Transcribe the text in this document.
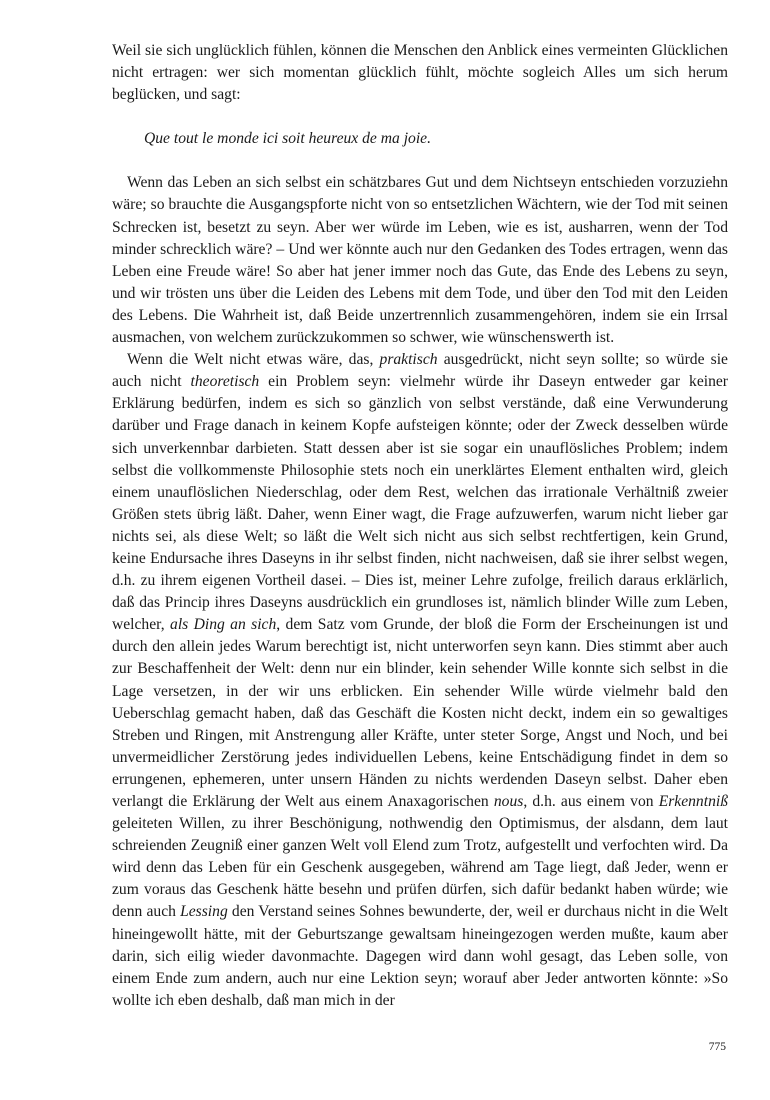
Weil sie sich unglücklich fühlen, können die Menschen den Anblick eines vermeinten Glücklichen nicht ertragen: wer sich momentan glücklich fühlt, möchte sogleich Alles um sich herum beglücken, und sagt:

Que tout le monde ici soit heureux de ma joie.

Wenn das Leben an sich selbst ein schätzbares Gut und dem Nichtseyn entschieden vorzuziehn wäre; so brauchte die Ausgangspforte nicht von so entsetzlichen Wächtern, wie der Tod mit seinen Schrecken ist, besetzt zu seyn. Aber wer würde im Leben, wie es ist, ausharren, wenn der Tod minder schrecklich wäre? – Und wer könnte auch nur den Gedanken des Todes ertragen, wenn das Leben eine Freude wäre! So aber hat jener immer noch das Gute, das Ende des Lebens zu seyn, und wir trösten uns über die Leiden des Lebens mit dem Tode, und über den Tod mit den Leiden des Lebens. Die Wahrheit ist, daß Beide unzertrennlich zusammengehören, indem sie ein Irrsal ausmachen, von welchem zurückzukommen so schwer, wie wünschenswerth ist.

Wenn die Welt nicht etwas wäre, das, praktisch ausgedrückt, nicht seyn sollte; so würde sie auch nicht theoretisch ein Problem seyn: vielmehr würde ihr Daseyn entweder gar keiner Erklärung bedürfen, indem es sich so gänzlich von selbst verstände, daß eine Verwunderung darüber und Frage danach in keinem Kopfe aufsteigen könnte; oder der Zweck desselben würde sich unverkennbar darbieten. Statt dessen aber ist sie sogar ein unauflösliches Problem; indem selbst die vollkommenste Philosophie stets noch ein unerklärtes Element enthalten wird, gleich einem unauflöslichen Niederschlag, oder dem Rest, welchen das irrationale Verhältniß zweier Größen stets übrig läßt. Daher, wenn Einer wagt, die Frage aufzuwerfen, warum nicht lieber gar nichts sei, als diese Welt; so läßt die Welt sich nicht aus sich selbst rechtfertigen, kein Grund, keine Endursache ihres Daseyns in ihr selbst finden, nicht nachweisen, daß sie ihrer selbst wegen, d.h. zu ihrem eigenen Vortheil dasei. – Dies ist, meiner Lehre zufolge, freilich daraus erklärlich, daß das Princip ihres Daseyns ausdrücklich ein grundloses ist, nämlich blinder Wille zum Leben, welcher, als Ding an sich, dem Satz vom Grunde, der bloß die Form der Erscheinungen ist und durch den allein jedes Warum berechtigt ist, nicht unterworfen seyn kann. Dies stimmt aber auch zur Beschaffenheit der Welt: denn nur ein blinder, kein sehender Wille konnte sich selbst in die Lage versetzen, in der wir uns erblicken. Ein sehender Wille würde vielmehr bald den Ueberschlag gemacht haben, daß das Geschäft die Kosten nicht deckt, indem ein so gewaltiges Streben und Ringen, mit Anstrengung aller Kräfte, unter steter Sorge, Angst und Noch, und bei unvermeidlicher Zerstörung jedes individuellen Lebens, keine Entschädigung findet in dem so errungenen, ephemeren, unter unsern Händen zu nichts werdenden Daseyn selbst. Daher eben verlangt die Erklärung der Welt aus einem Anaxagorischen nous, d.h. aus einem von Erkenntniß geleiteten Willen, zu ihrer Beschönigung, nothwendig den Optimismus, der alsdann, dem laut schreienden Zeugniß einer ganzen Welt voll Elend zum Trotz, aufgestellt und verfochten wird. Da wird denn das Leben für ein Geschenk ausgegeben, während am Tage liegt, daß Jeder, wenn er zum voraus das Geschenk hätte besehn und prüfen dürfen, sich dafür bedankt haben würde; wie denn auch Lessing den Verstand seines Sohnes bewunderte, der, weil er durchaus nicht in die Welt hineingewollt hätte, mit der Geburtszange gewaltsam hineingezogen werden mußte, kaum aber darin, sich eilig wieder davonmachte. Dagegen wird dann wohl gesagt, das Leben solle, von einem Ende zum andern, auch nur eine Lektion seyn; worauf aber Jeder antworten könnte: »So wollte ich eben deshalb, daß man mich in der

775
